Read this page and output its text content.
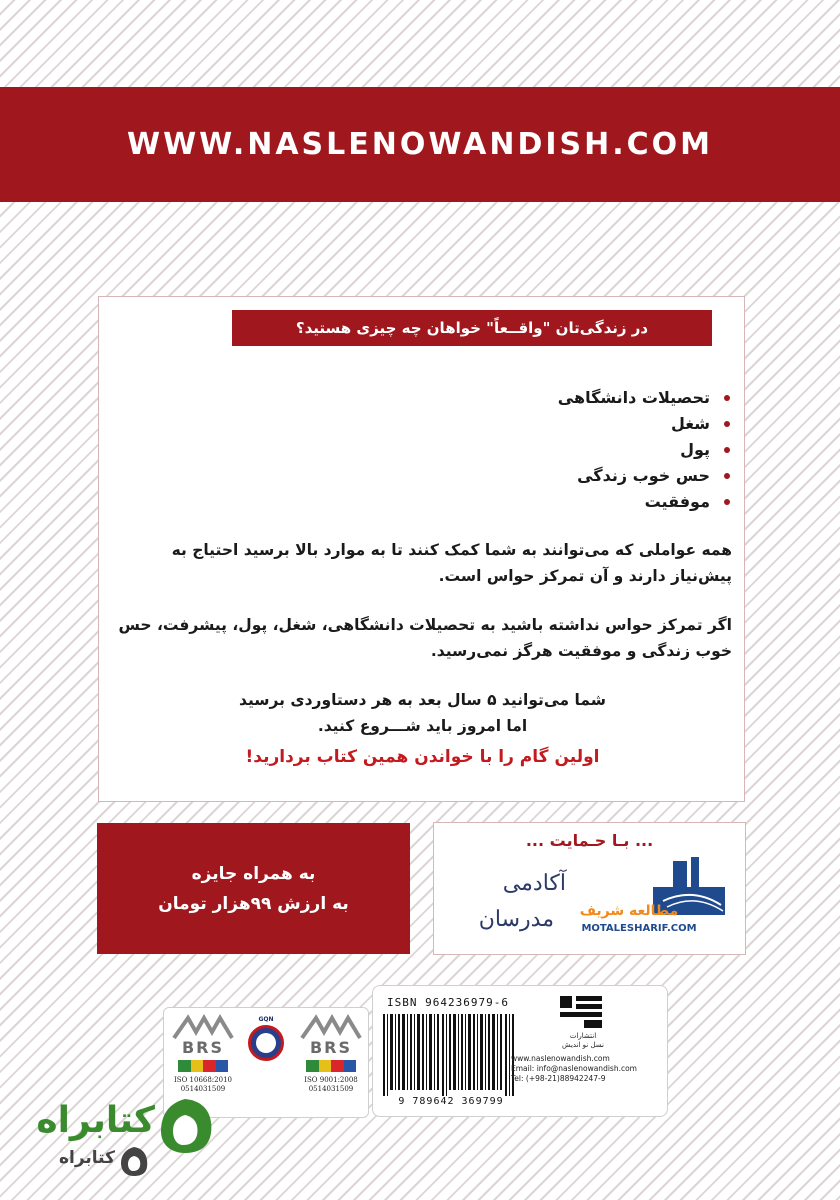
WWW.NASLENOWANDISH.COM
در زندگی‌تان "واقــعاً" خواهان چه چیزی هستید؟
تحصیلات دانشگاهی
شغل
پول
حس خوب زندگی
موفقیت

همه عواملی که می‌توانند به شما کمک کنند تا به موارد بالا برسید احتیاج به پیش‌نیاز دارند و آن تمرکز حواس است.

اگر تمرکز حواس نداشته باشید به تحصیلات دانشگاهی، شغل، پول، پیشرفت، حس خوب زندگی و موفقیت هرگز نمی‌رسید.

شما می‌توانید ۵ سال بعد به هر دستاوردی برسید
اما امروز باید شـــروع کنید.
اولین گام را با خواندن همین کتاب بردارید!
به همراه جایزه
به ارزش ۹۹هزار تومان
... بـا حـمایت ...
آکادمی
مدرسان مطالعه شریف
MOTALESHARIF.COM
BRS
ISO 10668:2010
0514031509
GQN
BRS
ISO 9001:2008
0514031509
ISBN 964236979-6
9 789642 369799
انتشارات
نسل نو اندیش
www.naslenowandish.com
Email: info@naslenowandish.com
Tel: (+98-21)88942247-9
کتابراه
کتابراه
